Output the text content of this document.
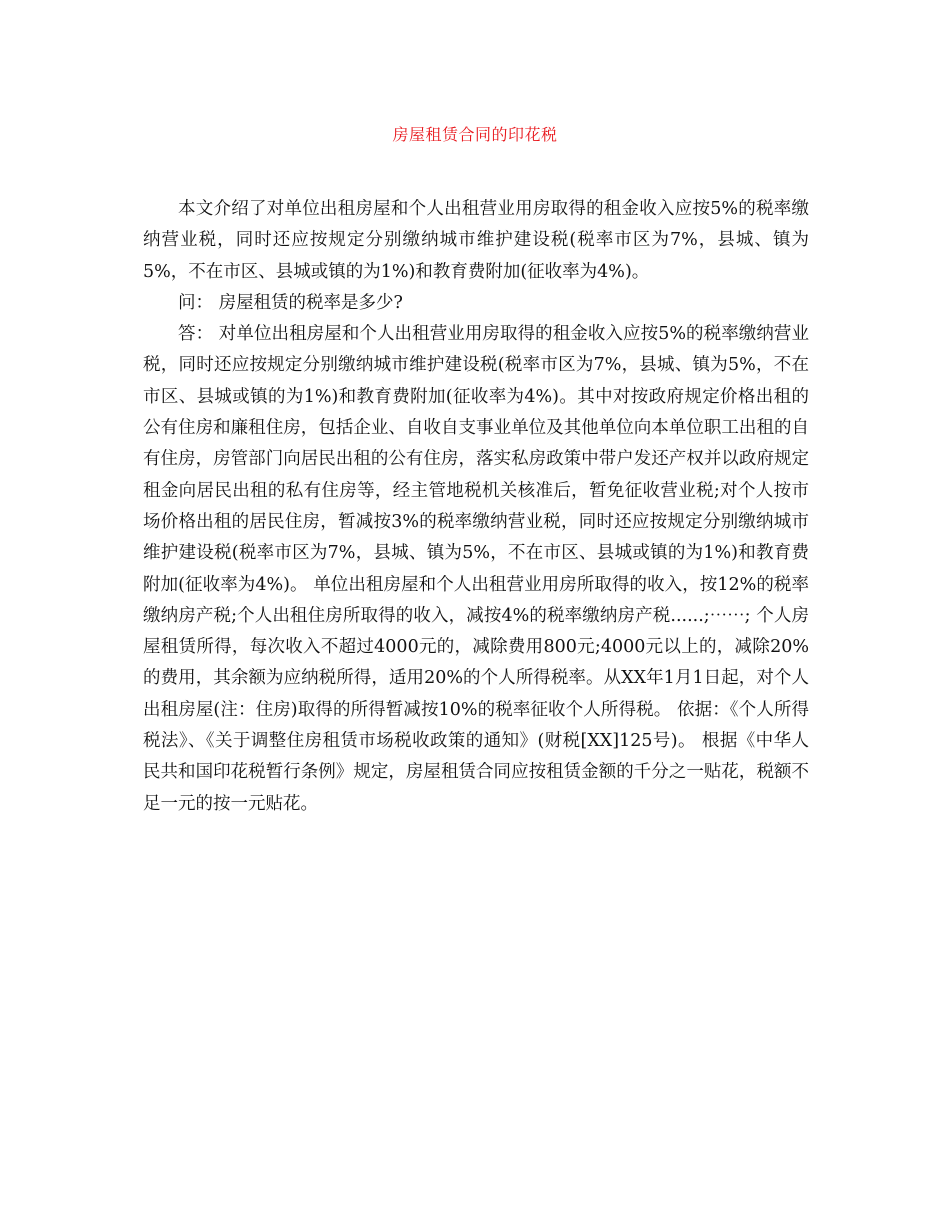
房屋租赁合同的印花税

本文介绍了对单位出租房屋和个人出租营业用房取得的租金收入应按5%的税率缴纳营业税，同时还应按规定分别缴纳城市维护建设税(税率市区为7%，县城、镇为5%，不在市区、县城或镇的为1%)和教育费附加(征收率为4%)。

问： 房屋租赁的税率是多少?

答： 对单位出租房屋和个人出租营业用房取得的租金收入应按5%的税率缴纳营业税，同时还应按规定分别缴纳城市维护建设税(税率市区为7%，县城、镇为5%，不在市区、县城或镇的为1%)和教育费附加(征收率为4%)。其中对按政府规定价格出租的公有住房和廉租住房，包括企业、自收自支事业单位及其他单位向本单位职工出租的自有住房，房管部门向居民出租的公有住房，落实私房政策中带户发还产权并以政府规定租金向居民出租的私有住房等，经主管地税机关核准后，暂免征收营业税;对个人按市场价格出租的居民住房，暂减按3%的税率缴纳营业税，同时还应按规定分别缴纳城市维护建设税(税率市区为7%，县城、镇为5%，不在市区、县城或镇的为1%)和教育费附加(征收率为4%)。 单位出租房屋和个人出租营业用房所取得的收入，按12%的税率缴纳房产税;个人出租住房所取得的收入，减按4%的税率缴纳房产税......;⋯⋯; 个人房屋租赁所得，每次收入不超过4000元的，减除费用800元;4000元以上的，减除20%的费用，其余额为应纳税所得，适用20%的个人所得税率。从XX年1月1日起，对个人出租房屋(注：住房)取得的所得暂减按10%的税率征收个人所得税。 依据：《个人所得税法》、《关于调整住房租赁市场税收政策的通知》(财税[XX]125号)。 根据《中华人民共和国印花税暂行条例》规定，房屋租赁合同应按租赁金额的千分之一贴花，税额不足一元的按一元贴花。
